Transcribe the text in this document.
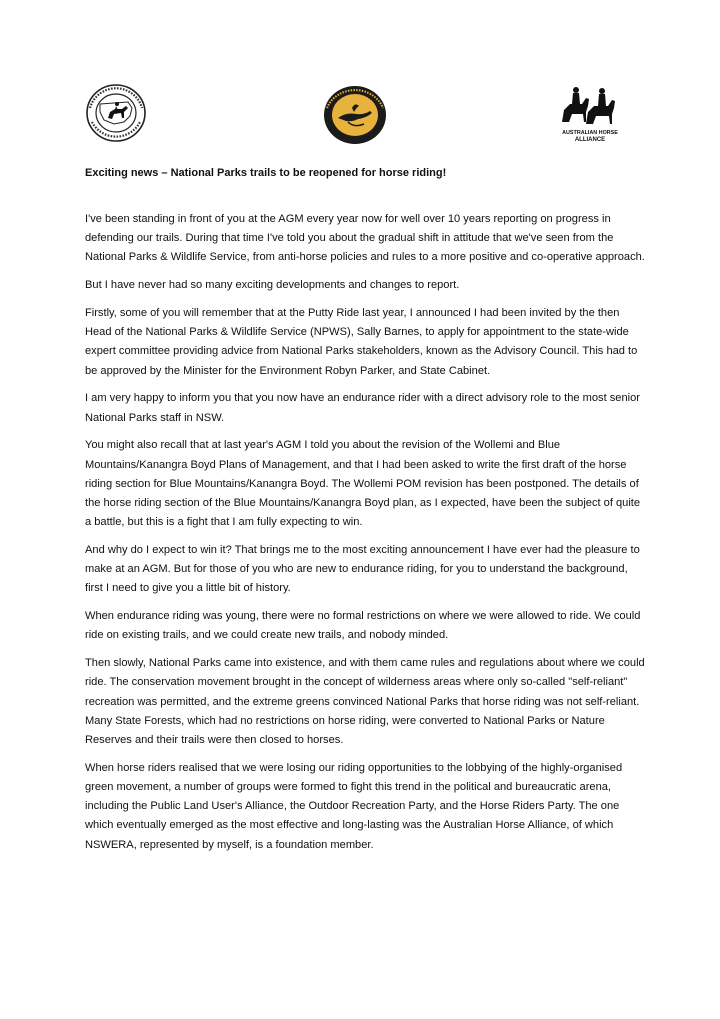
AUSTRALIAN HORSE
ALLIANCE
Exciting news – National Parks trails to be reopened for horse riding!

I've been standing in front of you at the AGM every year now for well over 10 years reporting on progress in defending our trails. During that time I've told you about the gradual shift in attitude that we've seen from the National Parks & Wildlife Service, from anti-horse policies and rules to a more positive and co-operative approach.

But I have never had so many exciting developments and changes to report.

Firstly, some of you will remember that at the Putty Ride last year, I announced I had been invited by the then Head of the National Parks & Wildlife Service (NPWS), Sally Barnes, to apply for appointment to the state-wide expert committee providing advice from National Parks stakeholders, known as the Advisory Council. This had to be approved by the Minister for the Environment Robyn Parker, and State Cabinet.

I am very happy to inform you that you now have an endurance rider with a direct advisory role to the most senior National Parks staff in NSW.

You might also recall that at last year's AGM I told you about the revision of the Wollemi and Blue Mountains/Kanangra Boyd Plans of Management, and that I had been asked to write the first draft of the horse riding section for Blue Mountains/Kanangra Boyd. The Wollemi POM revision has been postponed. The details of the horse riding section of the Blue Mountains/Kanangra Boyd plan, as I expected, have been the subject of quite a battle, but this is a fight that I am fully expecting to win.

And why do I expect to win it? That brings me to the most exciting announcement I have ever had the pleasure to make at an AGM. But for those of you who are new to endurance riding, for you to understand the background, first I need to give you a little bit of history.

When endurance riding was young, there were no formal restrictions on where we were allowed to ride. We could ride on existing trails, and we could create new trails, and nobody minded.

Then slowly, National Parks came into existence, and with them came rules and regulations about where we could ride. The conservation movement brought in the concept of wilderness areas where only so-called "self-reliant" recreation was permitted, and the extreme greens convinced National Parks that horse riding was not self-reliant. Many State Forests, which had no restrictions on horse riding, were converted to National Parks or Nature Reserves and their trails were then closed to horses.

When horse riders realised that we were losing our riding opportunities to the lobbying of the highly-organised green movement, a number of groups were formed to fight this trend in the political and bureaucratic arena, including the Public Land User's Alliance, the Outdoor Recreation Party, and the Horse Riders Party. The one which eventually emerged as the most effective and long-lasting was the Australian Horse Alliance, of which NSWERA, represented by myself, is a foundation member.
